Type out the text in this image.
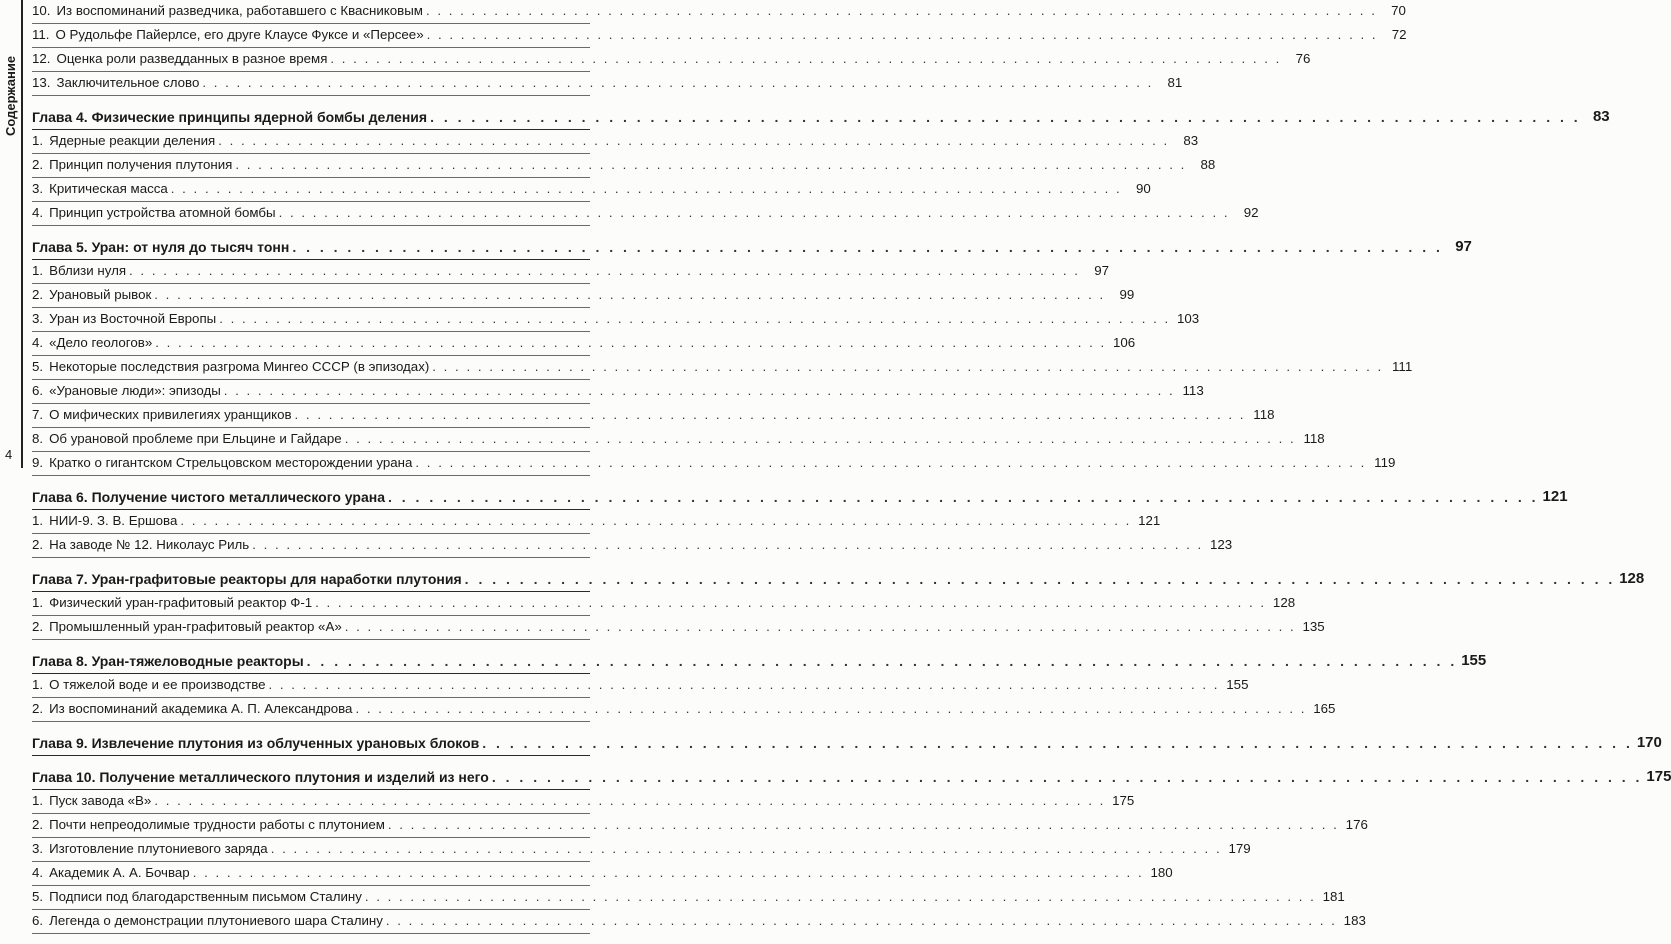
Содержание
4
10. Из воспоминаний разведчика, работавшего с Квасниковым . . .	70
11. О Рудольфе Пайерлсе, его друге Клаусе Фуксе и «Персее» . . .	72
12. Оценка роли разведданных в разное время . . .	76
13. Заключительное слово . . .	81
Глава 4. Физические принципы ядерной бомбы деления . . .	83
1. Ядерные реакции деления . . .	83
2. Принцип получения плутония . . .	88
3. Критическая масса . . .	90
4. Принцип устройства атомной бомбы . . .	92
Глава 5. Уран: от нуля до тысяч тонн . . .	97
1. Вблизи нуля . . .	97
2. Урановый рывок . . .	99
3. Уран из Восточной Европы . . .	103
4. «Дело геологов» . . .	106
5. Некоторые последствия разгрома Мингео СССР (в эпизодах) . . .	111
6. «Урановые люди»: эпизоды . . .	113
7. О мифических привилегиях уранщиков . . .	118
8. Об урановой проблеме при Ельцине и Гайдаре . . .	118
9. Кратко о гигантском Стрельцовском месторождении урана . . .	119
Глава 6. Получение чистого металлического урана . . .	121
1. НИИ-9. З. В. Ершова . . .	121
2. На заводе № 12. Николаус Риль . . .	123
Глава 7. Уран-графитовые реакторы для наработки плутония . . .	128
1. Физический уран-графитовый реактор Ф-1 . . .	128
2. Промышленный уран-графитовый реактор «А» . . .	135
Глава 8. Уран-тяжеловодные реакторы . . .	155
1. О тяжелой воде и ее производстве . . .	155
2. Из воспоминаний академика А. П. Александрова . . .	165
Глава 9. Извлечение плутония из облученных урановых блоков . . .	170
Глава 10. Получение металлического плутония и изделий из него . . .	175
1. Пуск завода «В» . . .	175
2. Почти непреодолимые трудности работы с плутонием . . .	176
3. Изготовление плутониевого заряда . . .	179
4. Академик А. А. Бочвар . . .	180
5. Подписи под благодарственным письмом Сталину . . .	181
6. Легенда о демонстрации плутониевого шара Сталину . . .	183
